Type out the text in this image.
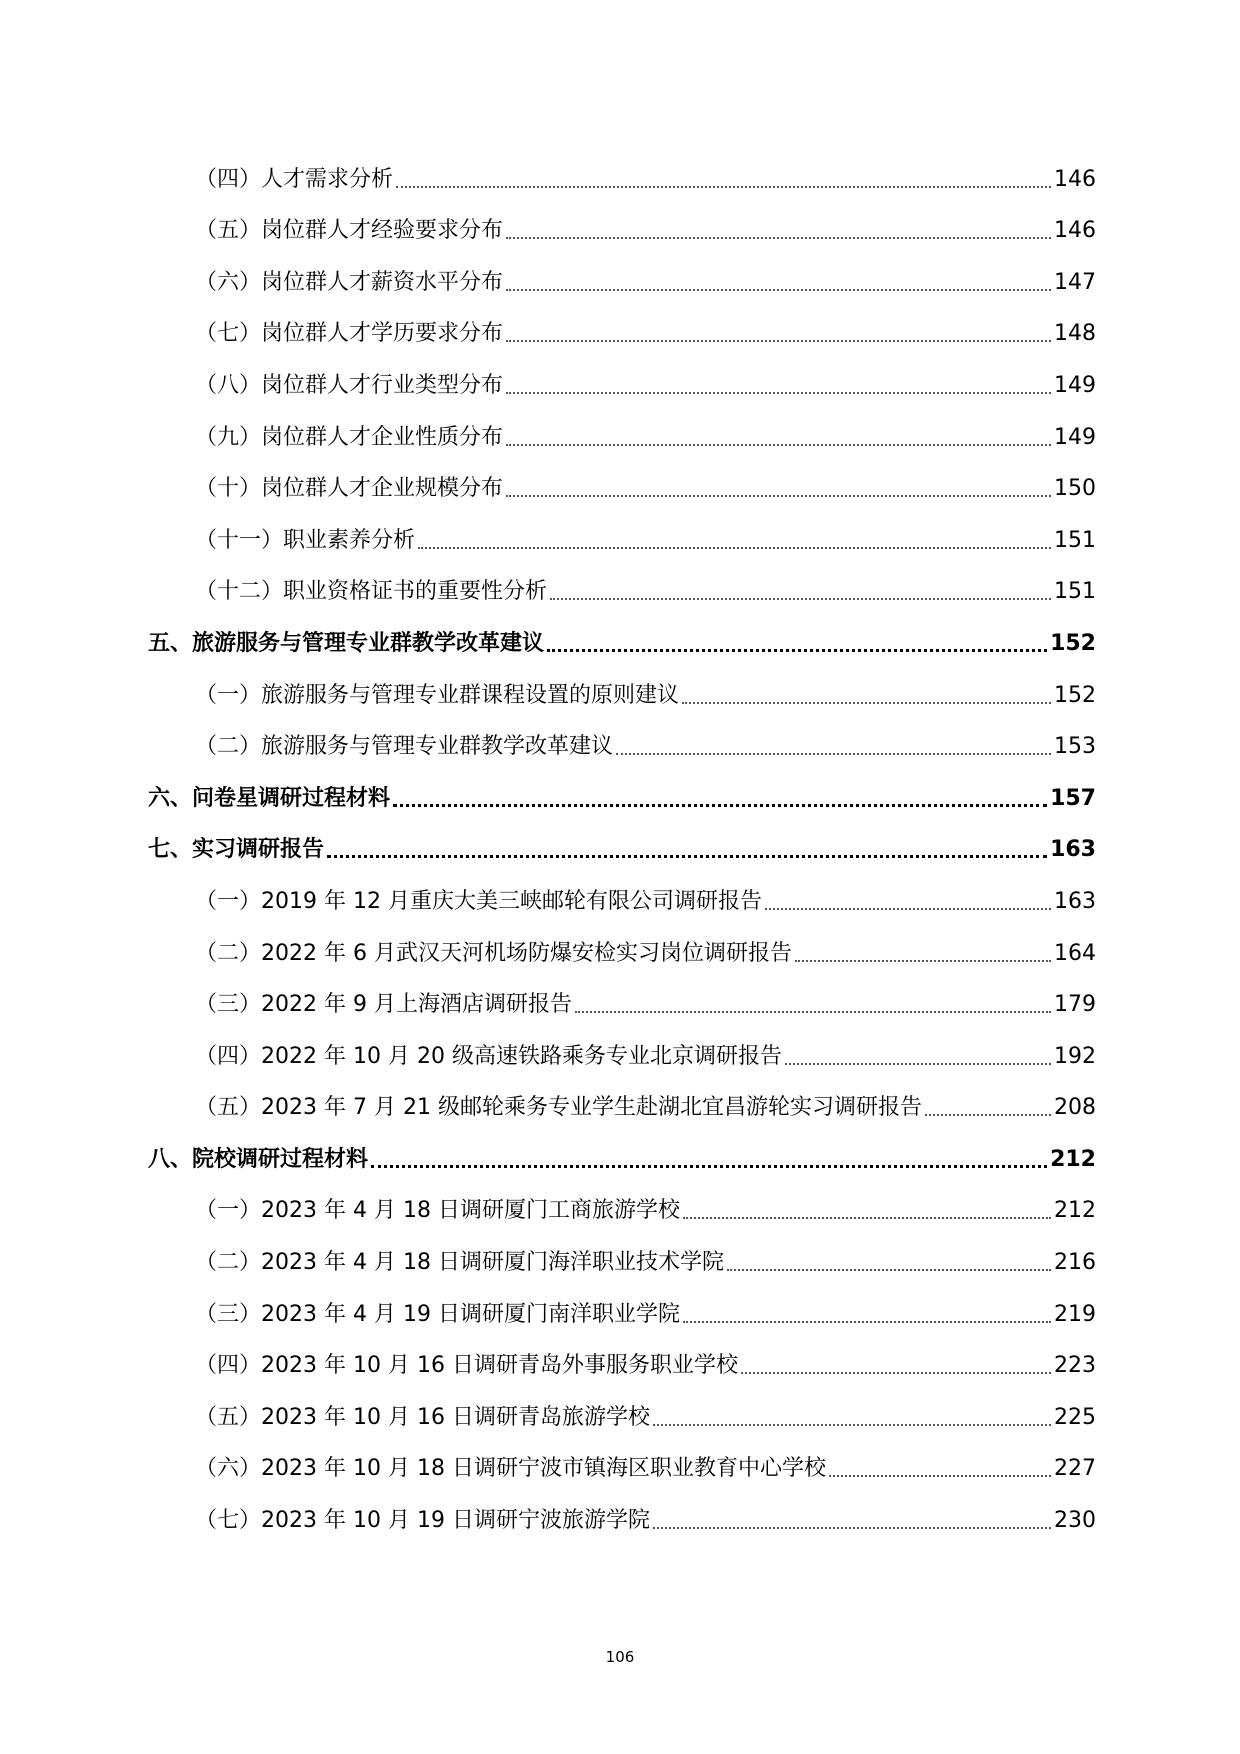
（四）人才需求分析	146
（五）岗位群人才经验要求分布	146
（六）岗位群人才薪资水平分布	147
（七）岗位群人才学历要求分布	148
（八）岗位群人才行业类型分布	149
（九）岗位群人才企业性质分布	149
（十）岗位群人才企业规模分布	150
（十一）职业素养分析	151
（十二）职业资格证书的重要性分析	151
五、旅游服务与管理专业群教学改革建议	152
（一）旅游服务与管理专业群课程设置的原则建议	152
（二）旅游服务与管理专业群教学改革建议	153
六、问卷星调研过程材料	157
七、实习调研报告	163
（一）2019 年 12 月重庆大美三峡邮轮有限公司调研报告	163
（二）2022 年 6 月武汉天河机场防爆安检实习岗位调研报告	164
（三）2022 年 9 月上海酒店调研报告	179
（四）2022 年 10 月 20 级高速铁路乘务专业北京调研报告	192
（五）2023 年 7 月 21 级邮轮乘务专业学生赴湖北宜昌游轮实习调研报告	208
八、院校调研过程材料	212
（一）2023 年 4 月 18 日调研厦门工商旅游学校	212
（二）2023 年 4 月 18 日调研厦门海洋职业技术学院	216
（三）2023 年 4 月 19 日调研厦门南洋职业学院	219
（四）2023 年 10 月 16 日调研青岛外事服务职业学校	223
（五）2023 年 10 月 16 日调研青岛旅游学校	225
（六）2023 年 10 月 18 日调研宁波市镇海区职业教育中心学校	227
（七）2023 年 10 月 19 日调研宁波旅游学院	230
106
